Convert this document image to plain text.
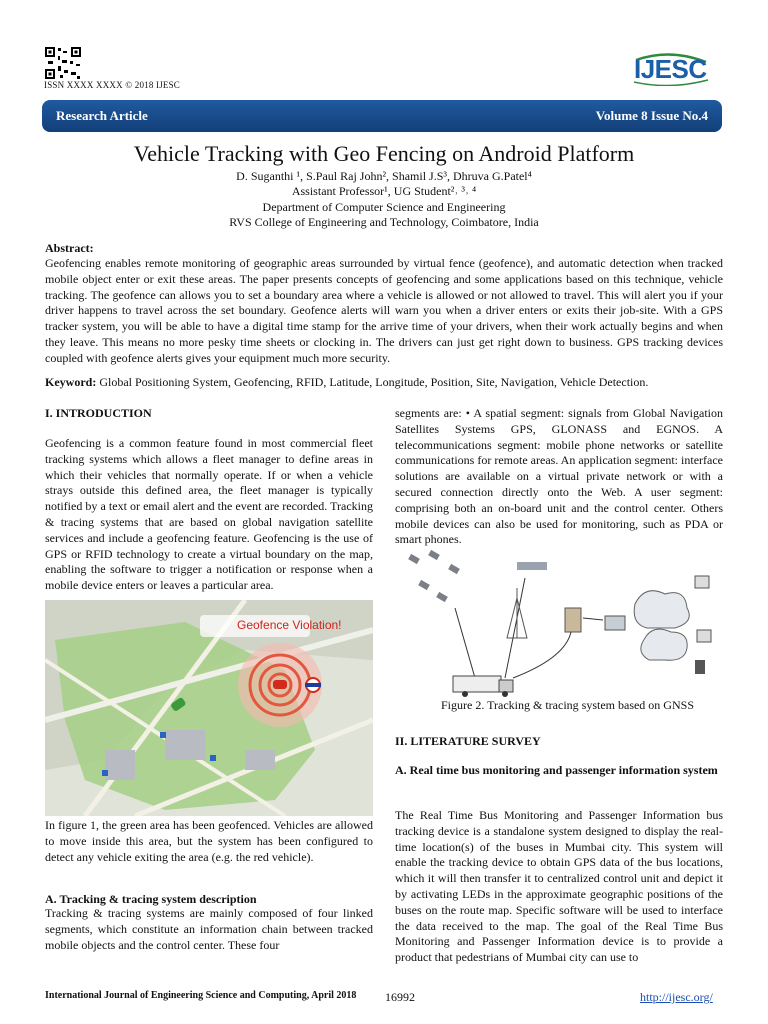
ISSN XXXX XXXX © 2018 IJESC
IJESC
Research Article	Volume 8 Issue No.4
Vehicle Tracking with Geo Fencing on Android Platform
D. Suganthi ¹, S.Paul Raj John², Shamil J.S³, Dhruva G.Patel⁴
Assistant Professor¹, UG Student²˒ ³˒ ⁴
Department of Computer Science and Engineering
RVS College of Engineering and Technology, Coimbatore, India
Abstract:
Geofencing enables remote monitoring of geographic areas surrounded by virtual fence (geofence), and automatic detection when tracked mobile object enter or exit these areas. The paper presents concepts of geofencing and some applications based on this technique, vehicle tracking. The geofence can allows you to set a boundary area where a vehicle is allowed or not allowed to travel. This will alert you if your driver happens to travel across the set boundary. Geofence alerts will warn you when a driver enters or exits their job-site. With a GPS tracker system, you will be able to have a digital time stamp for the arrive time of your drivers, when their work actually begins and when they leave. This means no more pesky time sheets or clocking in. The drivers can just get right down to business. GPS tracking devices coupled with geofence alerts gives your equipment much more security.
Keyword: Global Positioning System, Geofencing, RFID, Latitude, Longitude, Position, Site, Navigation, Vehicle Detection.
I. INTRODUCTION
Geofencing is a common feature found in most commercial fleet tracking systems which allows a fleet manager to define areas in which their vehicles that normally operate. If or when a vehicle strays outside this defined area, the fleet manager is typically notified by a text or email alert and the event are recorded. Tracking & tracing systems that are based on global navigation satellite services and include a geofencing feature. Geofencing is the use of GPS or RFID technology to create a virtual boundary on the map, enabling the software to trigger a notification or response when a mobile device enters or leaves a particular area.
Geofence Violation!
In figure 1, the green area has been geofenced. Vehicles are allowed to move inside this area, but the system has been configured to detect any vehicle exiting the area (e.g. the red vehicle).
A. Tracking & tracing system description
Tracking & tracing systems are mainly composed of four linked segments, which constitute an information chain between tracked mobile objects and the control center. These four
segments are: • A spatial segment: signals from Global Navigation Satellites Systems GPS, GLONASS and EGNOS. A telecommunications segment: mobile phone networks or satellite communications for remote areas. An application segment: interface solutions are available on a virtual private network or with a secured connection directly onto the Web. A user segment: comprising both an on-board unit and the control center. Others mobile devices can also be used for monitoring, such as PDA or smart phones.
Figure 2. Tracking & tracing system based on GNSS
II. LITERATURE SURVEY
A. Real time bus monitoring and passenger information system
The Real Time Bus Monitoring and Passenger Information bus tracking device is a standalone system designed to display the real-time location(s) of the buses in Mumbai city. This system will enable the tracking device to obtain GPS data of the bus locations, which it will then transfer it to centralized control unit and depict it by activating LEDs in the approximate geographic positions of the buses on the route map. Specific software will be used to interface the data received to the map. The goal of the Real Time Bus Monitoring and Passenger Information device is to provide a product that pedestrians of Mumbai city can use to
International Journal of Engineering Science and Computing, April 2018 16992	http://ijesc.org/
